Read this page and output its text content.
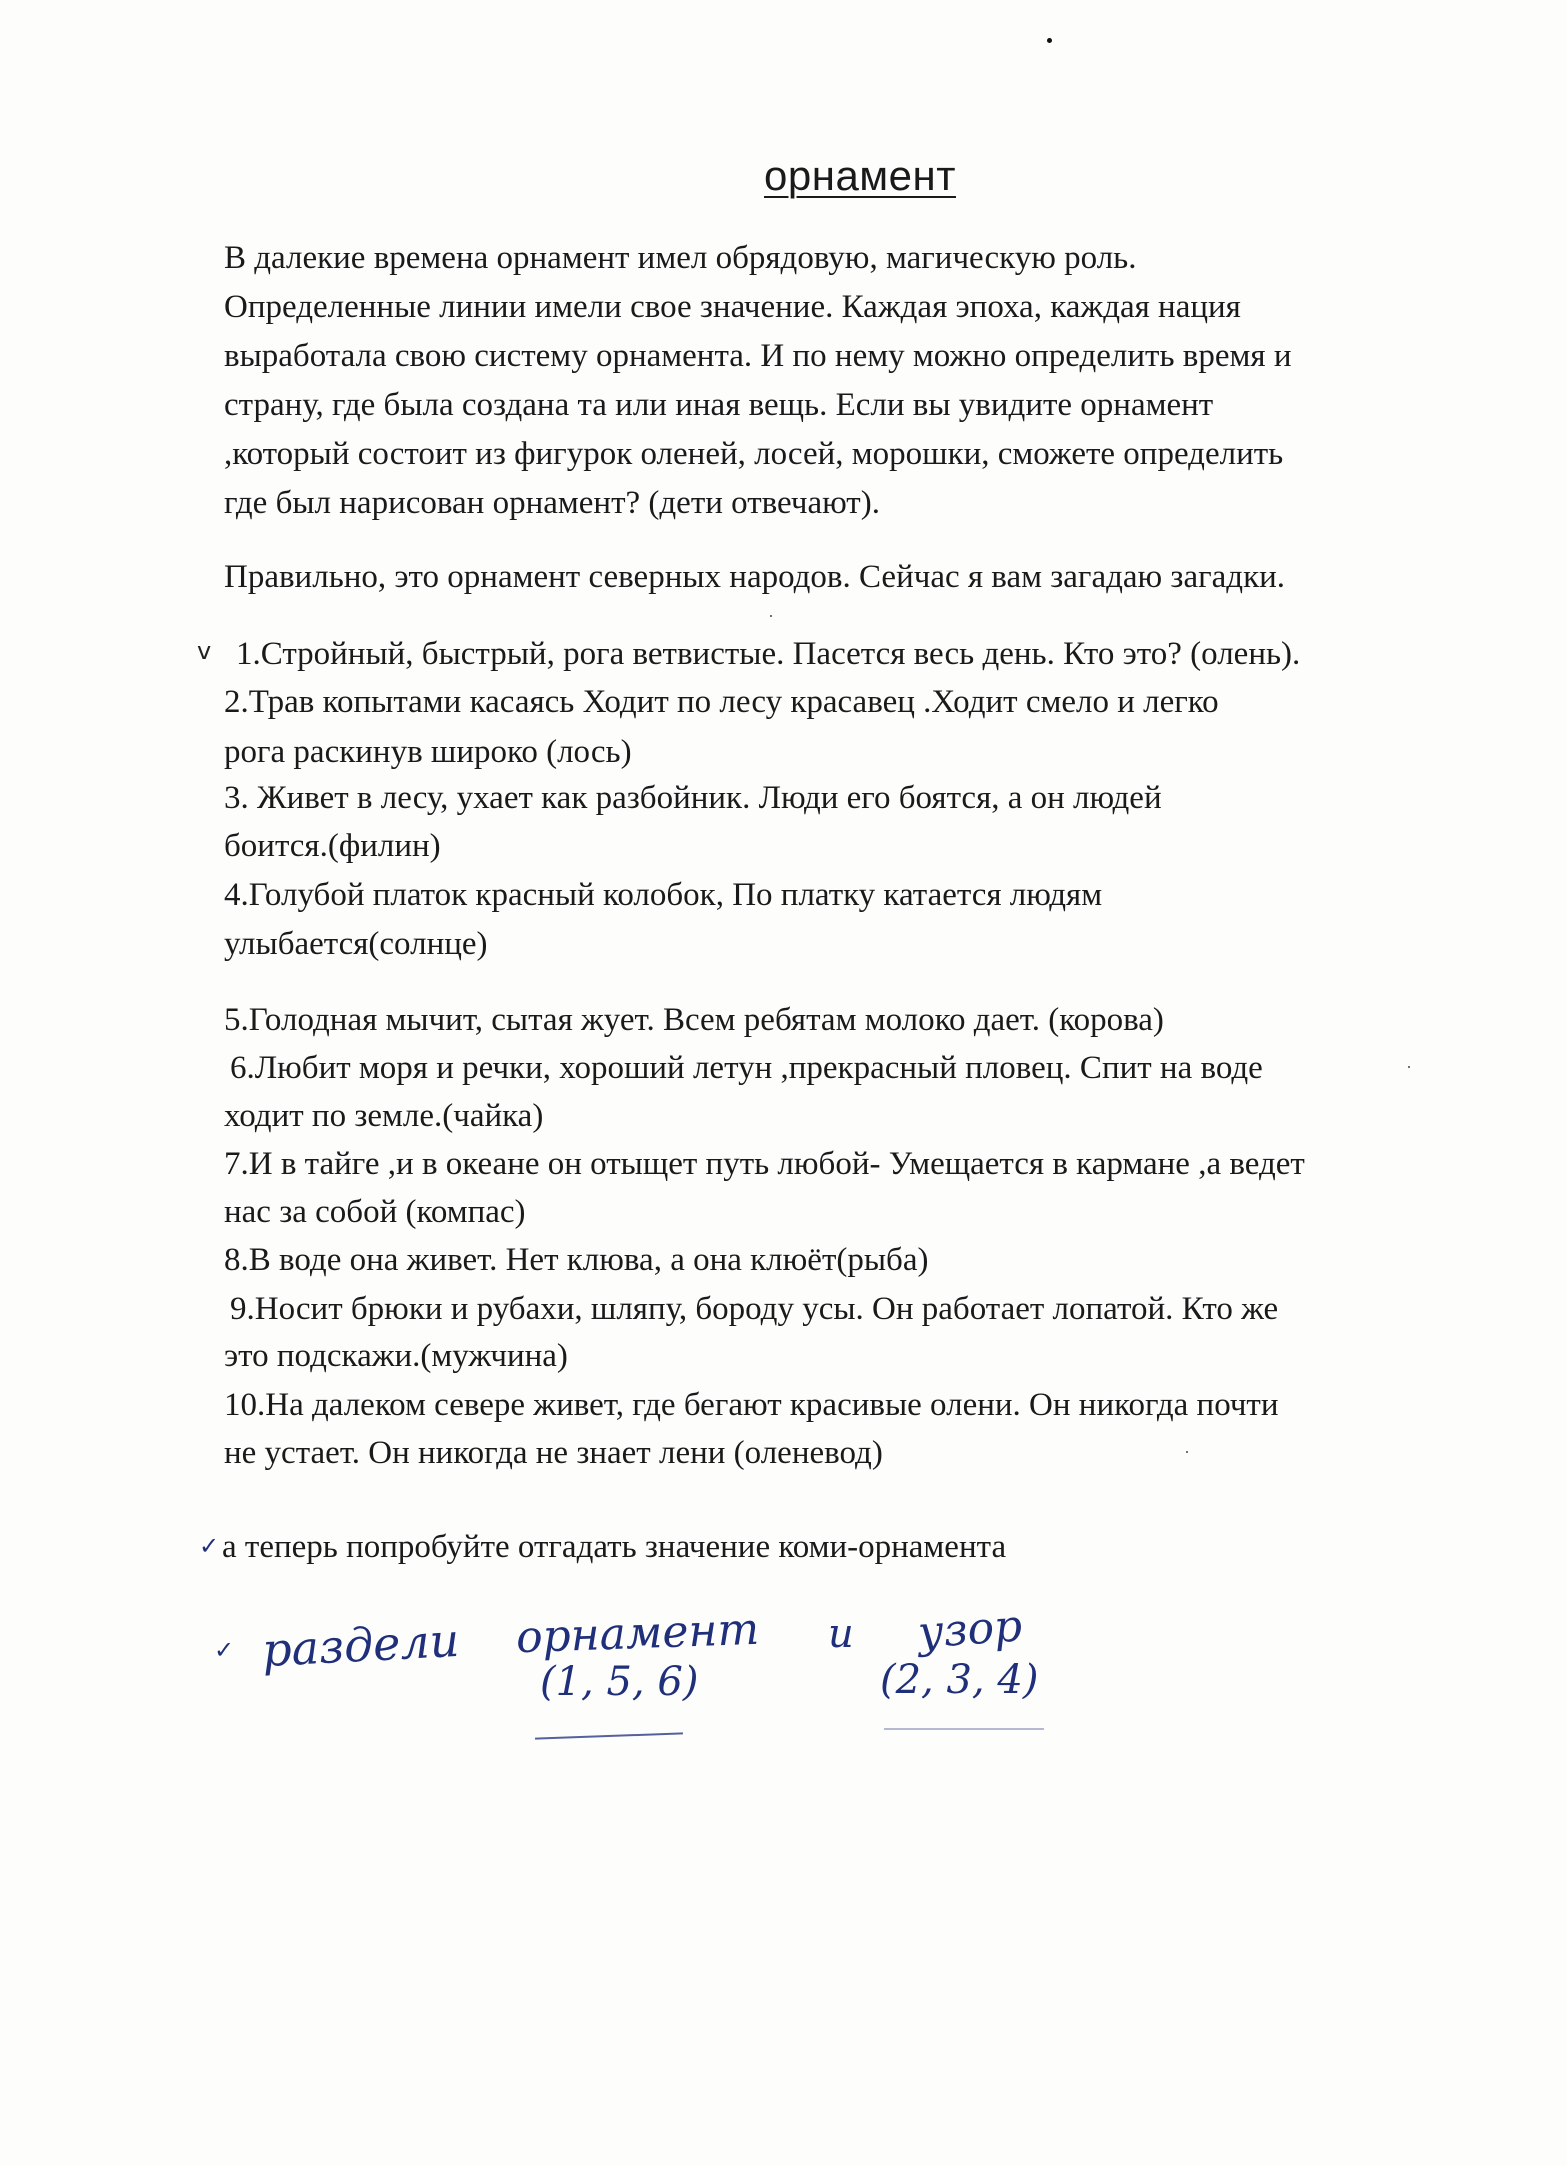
орнамент
В далекие времена орнамент имел обрядовую, магическую роль.
Определенные линии имели свое значение. Каждая эпоха, каждая нация
выработала свою систему орнамента. И по нему можно определить время и
страну, где была создана та или иная вещь. Если вы увидите орнамент
,который состоит из фигурок оленей, лосей, морошки, сможете определить
где был нарисован орнамент? (дети отвечают).
Правильно, это орнамент северных народов. Сейчас я вам загадаю загадки.
v 1.Стройный, быстрый, рога ветвистые. Пасется весь день. Кто это? (олень).
2.Трав копытами касаясь Ходит по лесу красавец .Ходит смело и легко
рога раскинув широко (лось)
3. Живет в лесу, ухает как разбойник. Люди его боятся, а он людей
боится.(филин)
4.Голубой платок красный колобок, По платку катается людям
улыбается(солнце)
5.Голодная мычит, сытая жует. Всем ребятам молоко дает. (корова)
6.Любит моря и речки, хороший летун ,прекрасный пловец. Спит на воде
ходит по земле.(чайка)
7.И в тайге ,и в океане он отыщет путь любой- Умещается в кармане ,а ведет
нас за собой (компас)
8.В воде она живет. Нет клюва, а она клюёт(рыба)
9.Носит брюки и рубахи, шляпу, бороду усы. Он работает лопатой. Кто же
это подскажи.(мужчина)
10.На далеком севере живет, где бегают красивые олени. Он никогда почти
не устает. Он никогда не знает лени (оленевод)
✓ а теперь попробуйте отгадать значение коми-орнамента
✓ раздели орнамент
(1, 5, 6)
и узор
(2, 3, 4)
